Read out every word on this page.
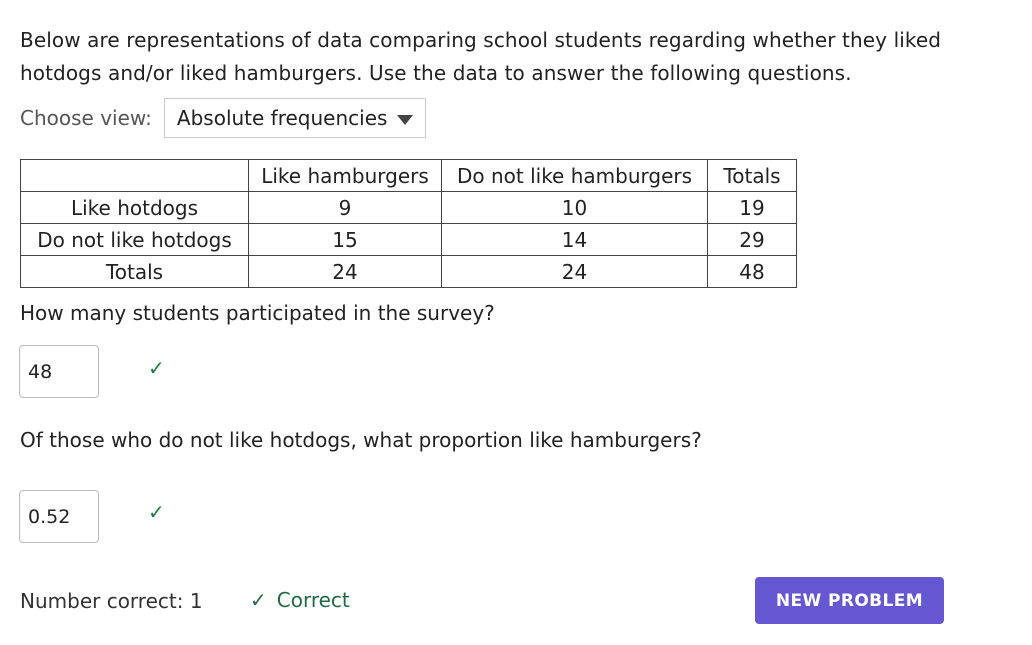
Below are representations of data comparing school students regarding whether they liked hotdogs and/or liked hamburgers. Use the data to answer the following questions.
Choose view: Absolute frequencies
	Like hamburgers	Do not like hamburgers	Totals
Like hotdogs	9	10	19
Do not like hotdogs	15	14	29
Totals	24	24	48
How many students participated in the survey?
48
✓
Of those who do not like hotdogs, what proportion like hamburgers?
0.52
✓
Number correct: 1 ✓ Correct	NEW PROBLEM
